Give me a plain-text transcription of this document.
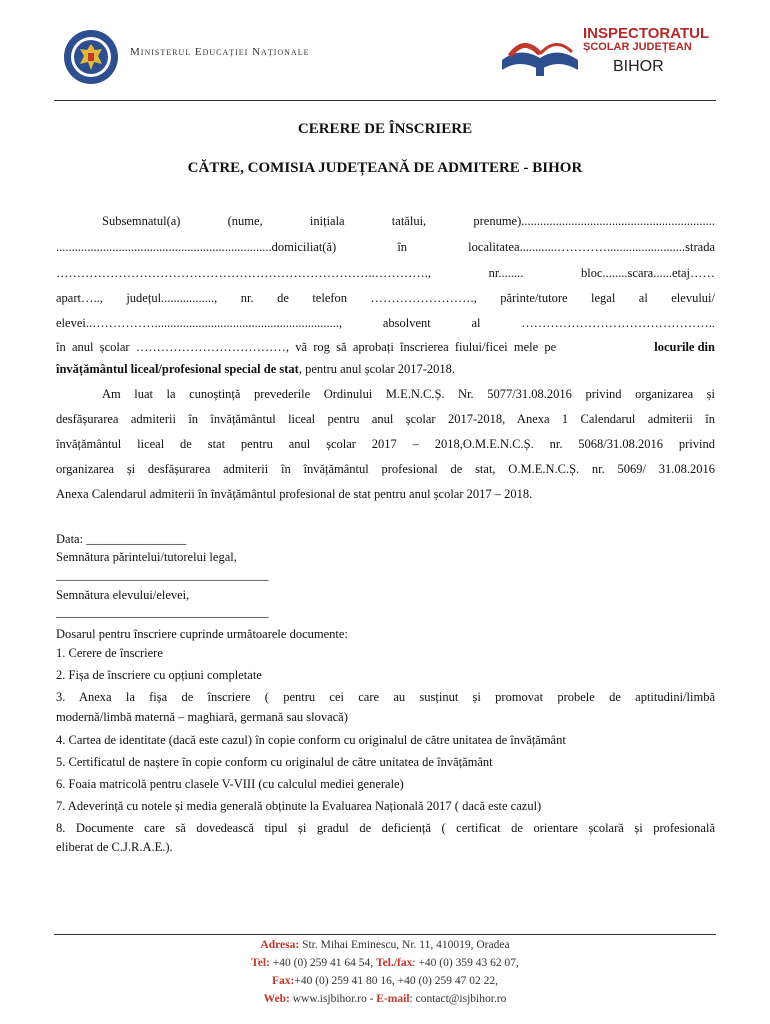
Ministerul Educației Naționale
INSPECTORATUL
ȘCOLAR JUDEȚEAN
BIHOR
CERERE DE ÎNSCRIERE
CĂTRE, COMISIA JUDEȚEANĂ DE ADMITERE - BIHOR
Subsemnatul(a) (nume, inițiala tatălui, prenume)..............................................................
.....................................................................domiciliat(ă) în localitatea............………….........................strada
…………………………………………………………………..…………., nr........ bloc........scara......etaj……
apart….., județul................., nr. de telefon ……………………., părinte/tutore legal al elevului/
elevei..……………..........................................................., absolvent al ………………………………………..
în  anul  școlar  ………………………………,  vă  rog  să  aprobați  înscrierea  fiului/ficei  mele  pe	locurile din
învățământul liceal/profesional special de stat, pentru anul școlar 2017-2018.
Am luat la cunoștință prevederile Ordinului M.E.N.C.Ș. Nr. 5077/31.08.2016 privind organizarea și
desfășurarea admiterii în învățământul liceal pentru anul școlar 2017-2018, Anexa 1 Calendarul admiterii în
învățământul liceal de stat pentru anul școlar 2017 – 2018,O.M.E.N.C.Ș. nr. 5068/31.08.2016 privind
organizarea și desfășurarea admiterii în învățământul profesional de stat, O.M.E.N.C.Ș. nr. 5069/ 31.08.2016
Anexa Calendarul admiterii în învățământul profesional de stat pentru anul școlar 2017 – 2018.
Data: ________________
Semnătura părintelui/tutorelui legal,
__________________________________
Semnătura elevului/elevei,
__________________________________
Dosarul pentru înscriere cuprinde următoarele documente:
1. Cerere de înscriere
2. Fișa de înscriere cu opțiuni completate
3. Anexa la fișa de înscriere ( pentru cei care au susținut și promovat probele de aptitudini/limbă
modernă/limbă maternă – maghiară, germană sau slovacă)
4. Cartea de identitate (dacă este cazul) în copie conform cu originalul de către unitatea de învățământ
5. Certificatul de naștere în copie conform cu originalul de către unitatea de învățământ
6. Foaia matricolă pentru clasele V-VIII (cu calculul mediei generale)
7. Adeverință cu notele și media generală obținute la Evaluarea Națională 2017 ( dacă este cazul)
8. Documente care să dovedească tipul și gradul de deficiență ( certificat de orientare școlară și profesională
eliberat de C.J.R.A.E.).
Adresa: Str. Mihai Eminescu, Nr. 11, 410019, Oradea
Tel: +40 (0) 259 41 64 54, Tel./fax: +40 (0) 359 43 62 07,
Fax:+40 (0) 259 41 80 16, +40 (0) 259 47 02 22,
Web: www.isjbihor.ro - E-mail: contact@isjbihor.ro
